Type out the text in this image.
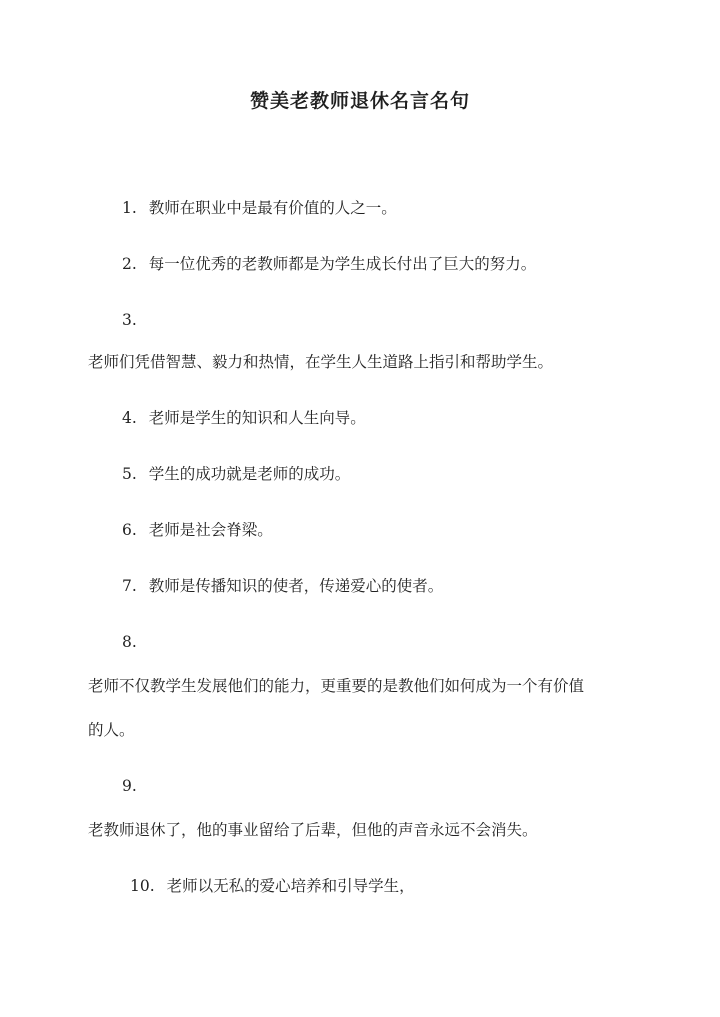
赞美老教师退休名言名句
1. 教师在职业中是最有价值的人之一。
2. 每一位优秀的老教师都是为学生成长付出了巨大的努力。
3.
老师们凭借智慧、毅力和热情，在学生人生道路上指引和帮助学生。
4. 老师是学生的知识和人生向导。
5. 学生的成功就是老师的成功。
6. 老师是社会脊梁。
7. 教师是传播知识的使者，传递爱心的使者。
8.
老师不仅教学生发展他们的能力，更重要的是教他们如何成为一个有价值
的人。
9.
老教师退休了，他的事业留给了后辈，但他的声音永远不会消失。
10. 老师以无私的爱心培养和引导学生，
